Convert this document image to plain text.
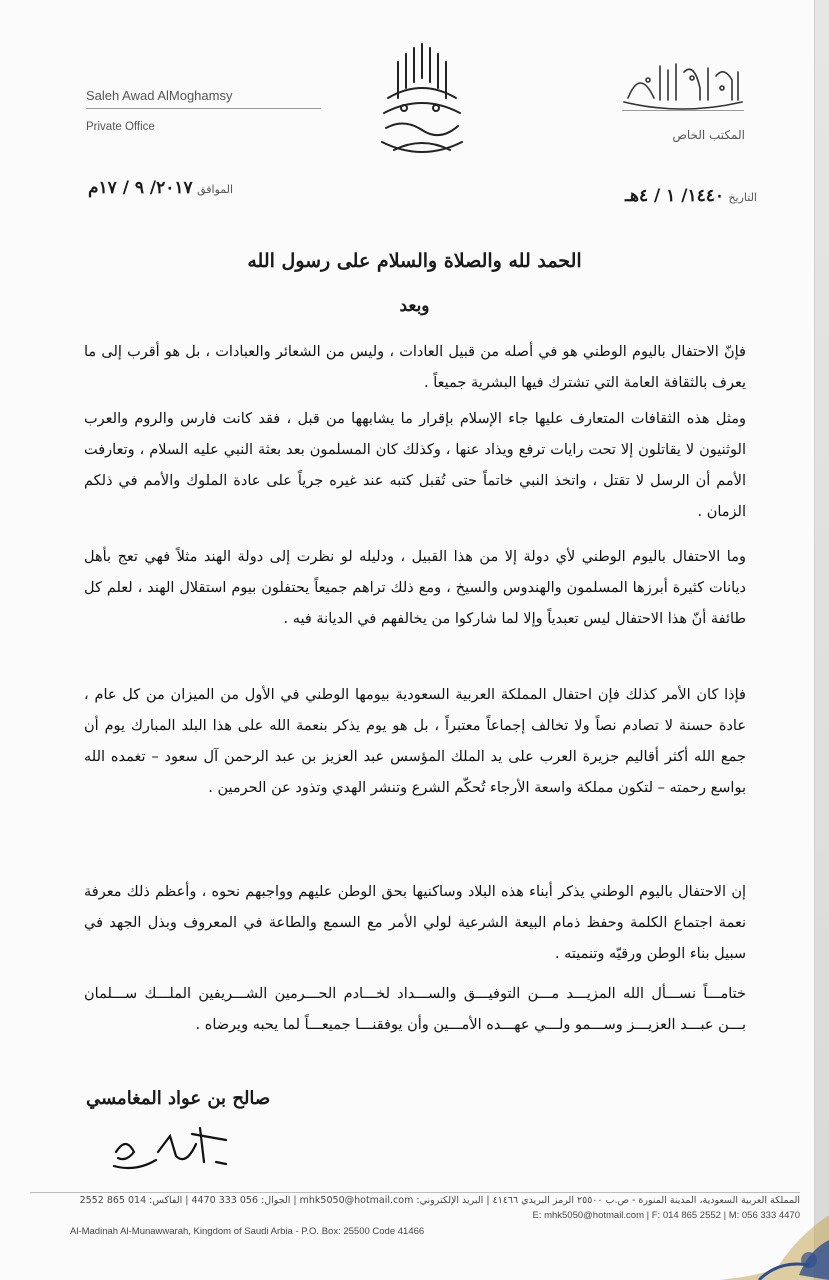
Saleh Awad AlMoghamsy
Private Office
المكتب الخاص
الموافق ٢٠١٧/ ٩ / ١٧م	التاريخ ١٤٤٠/ ١ / ٤هـ
الحمد لله والصلاة والسلام على رسول الله
وبعد
فإنّ الاحتفال باليوم الوطني هو في أصله من قبيل العادات ، وليس من الشعائر والعبادات ، بل هو أقرب إلى ما يعرف بالثقافة العامة التي تشترك فيها البشرية جميعاً .
ومثل هذه الثقافات المتعارف عليها جاء الإسلام بإقرار ما يشابهها من قبل ، فقد كانت فارس والروم والعرب الوثنيون لا يقاتلون إلا تحت رايات ترفع ويذاد عنها ، وكذلك كان المسلمون بعد بعثة النبي عليه السلام ، وتعارفت الأمم أن الرسل لا تقتل ، واتخذ النبي خاتماً حتى تُقبل كتبه عند غيره جرياً على عادة الملوك والأمم في ذلكم الزمان .
وما الاحتفال باليوم الوطني لأي دولة إلا من هذا القبيل ، ودليله لو نظرت إلى دولة الهند مثلاً فهي تعج بأهل ديانات كثيرة أبرزها المسلمون والهندوس والسيخ ، ومع ذلك تراهم جميعاً يحتفلون بيوم استقلال الهند ، لعلم كل طائفة أنّ هذا الاحتفال ليس تعبدياً وإلا لما شاركوا من يخالفهم في الديانة فيه .
فإذا كان الأمر كذلك فإن احتفال المملكة العربية السعودية بيومها الوطني في الأول من الميزان من كل عام ، عادة حسنة لا تصادم نصاً ولا تخالف إجماعاً معتبراً ، بل هو يوم يذكر بنعمة الله على هذا البلد المبارك يوم أن جمع الله أكثر أقاليم جزيرة العرب على يد الملك المؤسس عبد العزيز بن عبد الرحمن آل سعود – تغمده الله بواسع رحمته – لتكون مملكة واسعة الأرجاء تُحكّم الشرع وتنشر الهدي وتذود عن الحرمين .
إن الاحتفال باليوم الوطني يذكر أبناء هذه البلاد وساكنيها بحق الوطن عليهم وواجبهم نحوه ، وأعظم ذلك معرفة نعمة اجتماع الكلمة وحفظ ذمام البيعة الشرعية لولي الأمر مع السمع والطاعة في المعروف وبذل الجهد في سبيل بناء الوطن ورقيّه وتنميته .
ختامـــاً نســـأل الله المزيـــد مـــن التوفيـــق والســـداد لخـــادم الحـــرمين الشـــريفين الملـــك ســـلمان بـــن عبـــد العزيـــز وســـمو ولـــي عهـــده الأمـــين وأن يوفقنـــا جميعـــاً لما يحبه ويرضاه .
صالح بن عواد المغامسي
المملكة العربية السعودية، المدينة المنورة - ص.ب ٢٥٥٠٠ الرمز البريدي ٤١٤٦٦ | البريد الإلكتروني: mhk5050@hotmail.com | الجوال: 056 333 4470 | الفاكس: 014 865 2552
E: mhk5050@hotmail.com | F: 014 865 2552 | M: 056 333 4470
Al-Madinah Al-Munawwarah, Kingdom of Saudi Arbia - P.O. Box: 25500 Code 41466
